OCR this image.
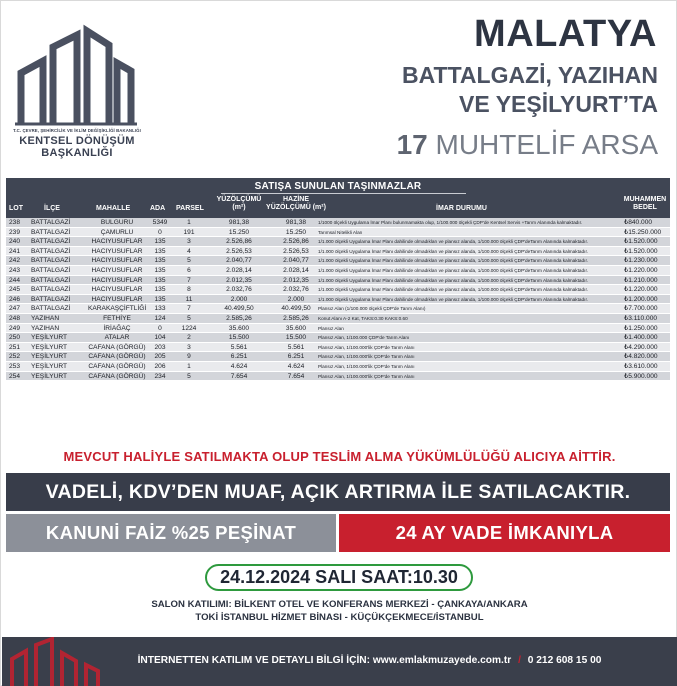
T.C. ÇEVRE, ŞEHİRCİLİK VE İKLİM DEĞİŞİKLİĞİ BAKANLIĞI
KENTSEL DÖNÜŞÜM
BAŞKANLIĞI
MALATYA
BATTALGAZİ, YAZIHAN
VE YEŞİLYURT’TA
17 MUHTELİF ARSA
SATIŞA SUNULAN TAŞINMAZLAR
LOT	İLÇE	MAHALLE	ADA PARSEL
YÜZÖLÇÜMÜ
(m²)
HAZİNE
YÜZÖLÇÜMÜ (m²)	İMAR DURUMU
MUHAMMEN
BEDEL
238	BATTALGAZİ	BULGURU	5349	1	981,38	981,38	1/1000 ölçekli Uygulama İmar Planı bulunmamakta olup, 1/100.000 ölçekli ÇDP'de Kentsel Servis +Tarım Alanında kalmaktadır.	₺840.000
239	BATTALGAZİ	ÇAMURLU	0	191	15.250	15.250	Tarımsal Nitelikli Alan	₺15.250.000
240	BATTALGAZİ	HACIYUSUFLAR	135	3	2.526,86	2.526,86	1/1.000 ölçekli Uygulama İmar Planı dahilinde olmadıkları ve plansız alanda, 1/100.000 ölçekli ÇDP'deTarım Alanında kalmaktadır.	₺1.520.000
241	BATTALGAZİ	HACIYUSUFLAR	135	4	2.526,53	2.526,53	1/1.000 ölçekli Uygulama İmar Planı dahilinde olmadıkları ve plansız alanda, 1/100.000 ölçekli ÇDP'deTarım Alanında kalmaktadır.	₺1.520.000
242	BATTALGAZİ	HACIYUSUFLAR	135	5	2.040,77	2.040,77	1/1.000 ölçekli Uygulama İmar Planı dahilinde olmadıkları ve plansız alanda, 1/100.000 ölçekli ÇDP'deTarım Alanında kalmaktadır.	₺1.230.000
243	BATTALGAZİ	HACIYUSUFLAR	135	6	2.028,14	2.028,14	1/1.000 ölçekli Uygulama İmar Planı dahilinde olmadıkları ve plansız alanda, 1/100.000 ölçekli ÇDP'deTarım Alanında kalmaktadır.	₺1.220.000
244	BATTALGAZİ	HACIYUSUFLAR	135	7	2.012,35	2.012,35	1/1.000 ölçekli Uygulama İmar Planı dahilinde olmadıkları ve plansız alanda, 1/100.000 ölçekli ÇDP'deTarım Alanında kalmaktadır.	₺1.210.000
245	BATTALGAZİ	HACIYUSUFLAR	135	8	2.032,76	2.032,76	1/1.000 ölçekli Uygulama İmar Planı dahilinde olmadıkları ve plansız alanda, 1/100.000 ölçekli ÇDP'deTarım Alanında kalmaktadır.	₺1.220.000
246	BATTALGAZİ	HACIYUSUFLAR	135	11	2.000	2.000	1/1.000 ölçekli Uygulama İmar Planı dahilinde olmadıkları ve plansız alanda, 1/100.000 ölçekli ÇDP'deTarım Alanında kalmaktadır.	₺1.200.000
247	BATTALGAZİ	KARAKAŞÇİFTLİĞİ	133	7	40.499,50	40.499,50	Plansız Alan (1/100.000 ölçekli ÇDP'de Tarım Alanı)	₺7.700.000
248	YAZIHAN	FETHİYE	124	5	2.585,26	2.585,26	Konut Alanı A-2 Kat, TAKS:0.30 KAKS:0.60	₺3.110.000
249	YAZIHAN	İRİAĞAÇ	0	1224	35.600	35.600	Plansız Alan	₺1.250.000
250	YEŞİLYURT	ATALAR	104	2	15.500	15.500	Plansız Alan, 1/100.000 ÇDP'de Tarım Alanı	₺1.400.000
251	YEŞİLYURT	CAFANA (GÖRGÜ)	203	3	5.561	5.561	Plansız Alan, 1/100.000'lik ÇDP'de Tarım Alanı	₺4.290.000
252	YEŞİLYURT	CAFANA (GÖRGÜ)	205	9	6.251	6.251	Plansız Alan, 1/100.000'lik ÇDP'de Tarım Alanı	₺4.820.000
253	YEŞİLYURT	CAFANA (GÖRGÜ)	206	1	4.624	4.624	Plansız Alan, 1/100.000'lik ÇDP'de Tarım Alanı	₺3.610.000
254	YEŞİLYURT	CAFANA (GÖRGÜ)	234	5	7.654	7.654	Plansız Alan, 1/100.000'lik ÇDP'de Tarım Alanı	₺5.900.000
MEVCUT HALİYLE SATILMAKTA OLUP TESLİM ALMA YÜKÜMLÜLÜĞÜ ALICIYA AİTTİR.
VADELİ, KDV’DEN MUAF, AÇIK ARTIRMA İLE SATILACAKTIR.
KANUNİ FAİZ %25 PEŞİNAT	24 AY VADE İMKANIYLA
24.12.2024 SALI SAAT:10.30
SALON KATILIMI: BİLKENT OTEL VE KONFERANS MERKEZİ - ÇANKAYA/ANKARA
TOKİ İSTANBUL HİZMET BİNASI - KÜÇÜKÇEKMECE/İSTANBUL
İNTERNETTEN KATILIM VE DETAYLI BİLGİ İÇİN: www.emlakmuzayede.com.tr / 0 212 608 15 00
